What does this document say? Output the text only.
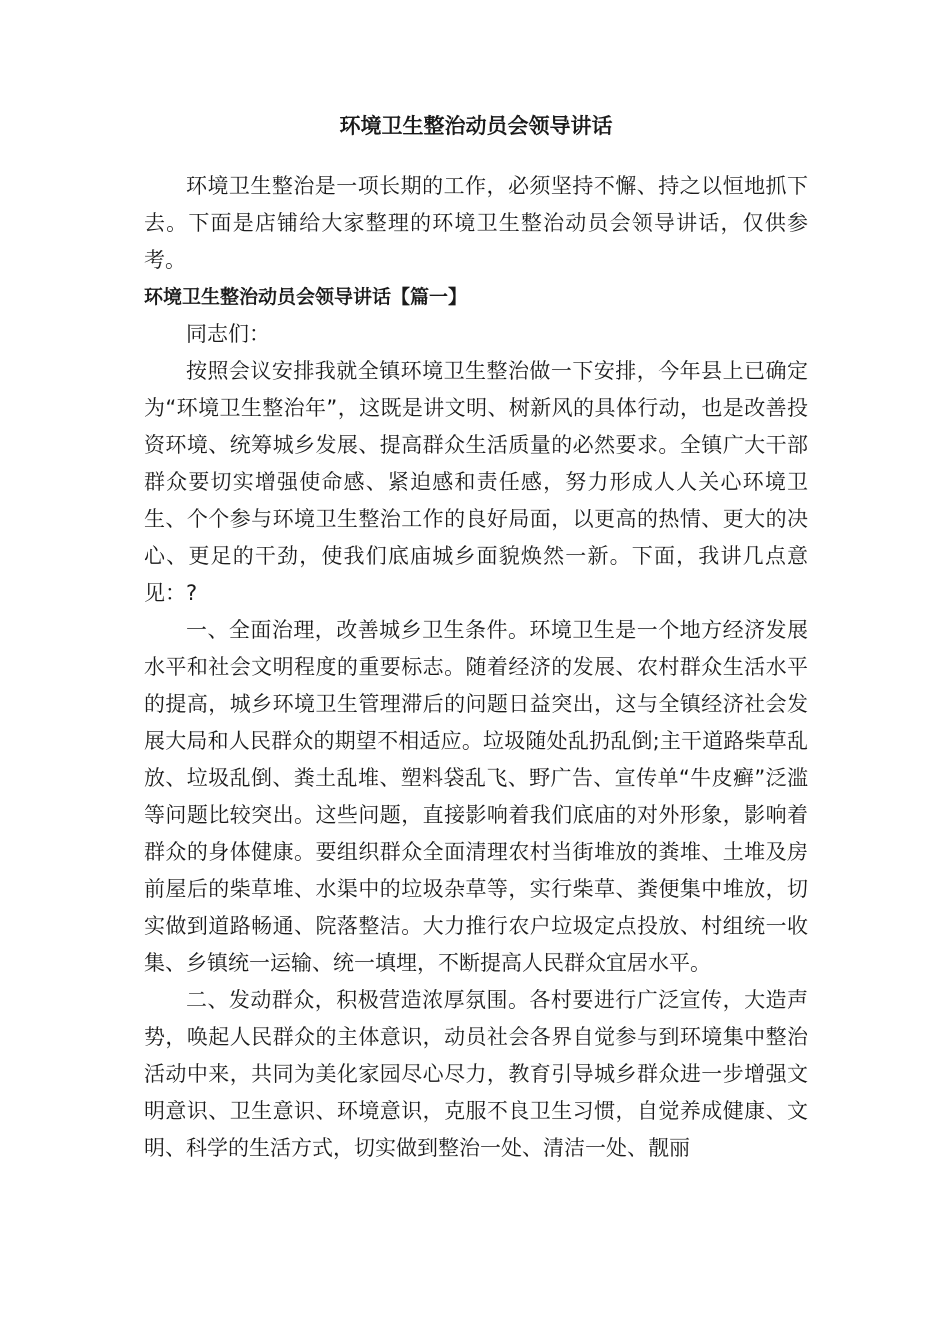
环境卫生整治动员会领导讲话

环境卫生整治是一项长期的工作，必须坚持不懈、持之以恒地抓下去。下面是店铺给大家整理的环境卫生整治动员会领导讲话，仅供参考。

环境卫生整治动员会领导讲话【篇一】

同志们：

按照会议安排我就全镇环境卫生整治做一下安排，今年县上已确定为“环境卫生整治年”，这既是讲文明、树新风的具体行动，也是改善投资环境、统筹城乡发展、提高群众生活质量的必然要求。全镇广大干部群众要切实增强使命感、紧迫感和责任感，努力形成人人关心环境卫生、个个参与环境卫生整治工作的良好局面，以更高的热情、更大的决心、更足的干劲，使我们底庙城乡面貌焕然一新。下面，我讲几点意见：?

一、全面治理，改善城乡卫生条件。环境卫生是一个地方经济发展水平和社会文明程度的重要标志。随着经济的发展、农村群众生活水平的提高，城乡环境卫生管理滞后的问题日益突出，这与全镇经济社会发展大局和人民群众的期望不相适应。垃圾随处乱扔乱倒;主干道路柴草乱放、垃圾乱倒、粪土乱堆、塑料袋乱飞、野广告、宣传单“牛皮癣”泛滥等问题比较突出。这些问题，直接影响着我们底庙的对外形象，影响着群众的身体健康。要组织群众全面清理农村当街堆放的粪堆、土堆及房前屋后的柴草堆、水渠中的垃圾杂草等，实行柴草、粪便集中堆放，切实做到道路畅通、院落整洁。大力推行农户垃圾定点投放、村组统一收集、乡镇统一运输、统一填埋，不断提高人民群众宜居水平。

二、发动群众，积极营造浓厚氛围。各村要进行广泛宣传，大造声势，唤起人民群众的主体意识，动员社会各界自觉参与到环境集中整治活动中来，共同为美化家园尽心尽力，教育引导城乡群众进一步增强文明意识、卫生意识、环境意识，克服不良卫生习惯，自觉养成健康、文明、科学的生活方式，切实做到整治一处、清洁一处、靓丽
